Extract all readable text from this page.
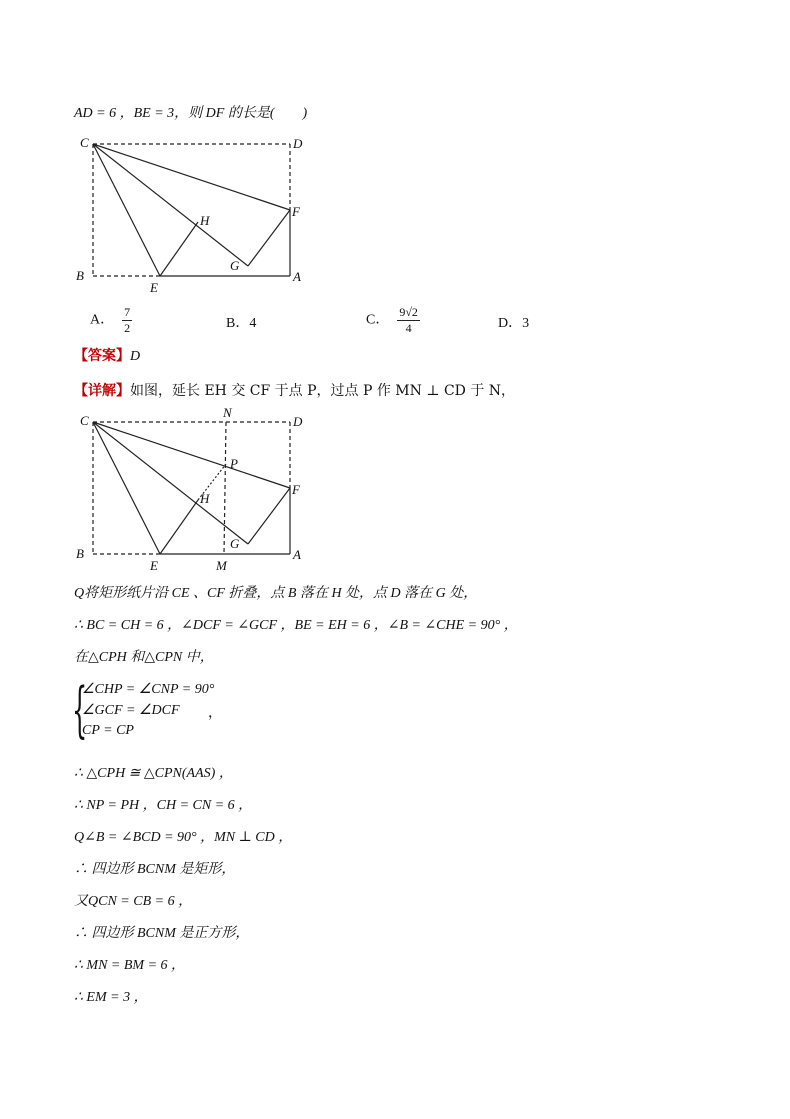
AD = 6 ，BE = 3，则 DF 的长是(　　)
C	D
B	A
E
H
G
F
A． $\frac{7}{2}$	B．4	C． $\frac{9√2}{4}$	D．3
【答案】D
【详解】如图，延长 EH 交 CF 于点 P，过点 P 作 MN ⊥ CD 于 N，
C
N
D
P
H
F
B
E	M
G
A
Q将矩形纸片沿 CE 、CF 折叠，点 B 落在 H 处，点 D 落在 G 处，
∴ BC = CH = 6 ，∠DCF = ∠GCF ，BE = EH = 6 ，∠B = ∠CHE = 90° ，
在△CPH 和△CPN 中，
{
∠CHP = ∠CNP = 90°
∠GCF = ∠DCF
CP = CP
，
∴ △CPH ≅ △CPN(AAS) ，
∴ NP = PH ，CH = CN = 6 ，
Q∠B = ∠BCD = 90° ，MN ⊥ CD ，
∴ 四边形 BCNM 是矩形，
又QCN = CB = 6 ，
∴ 四边形 BCNM 是正方形，
∴ MN = BM = 6 ，
∴ EM = 3 ，
